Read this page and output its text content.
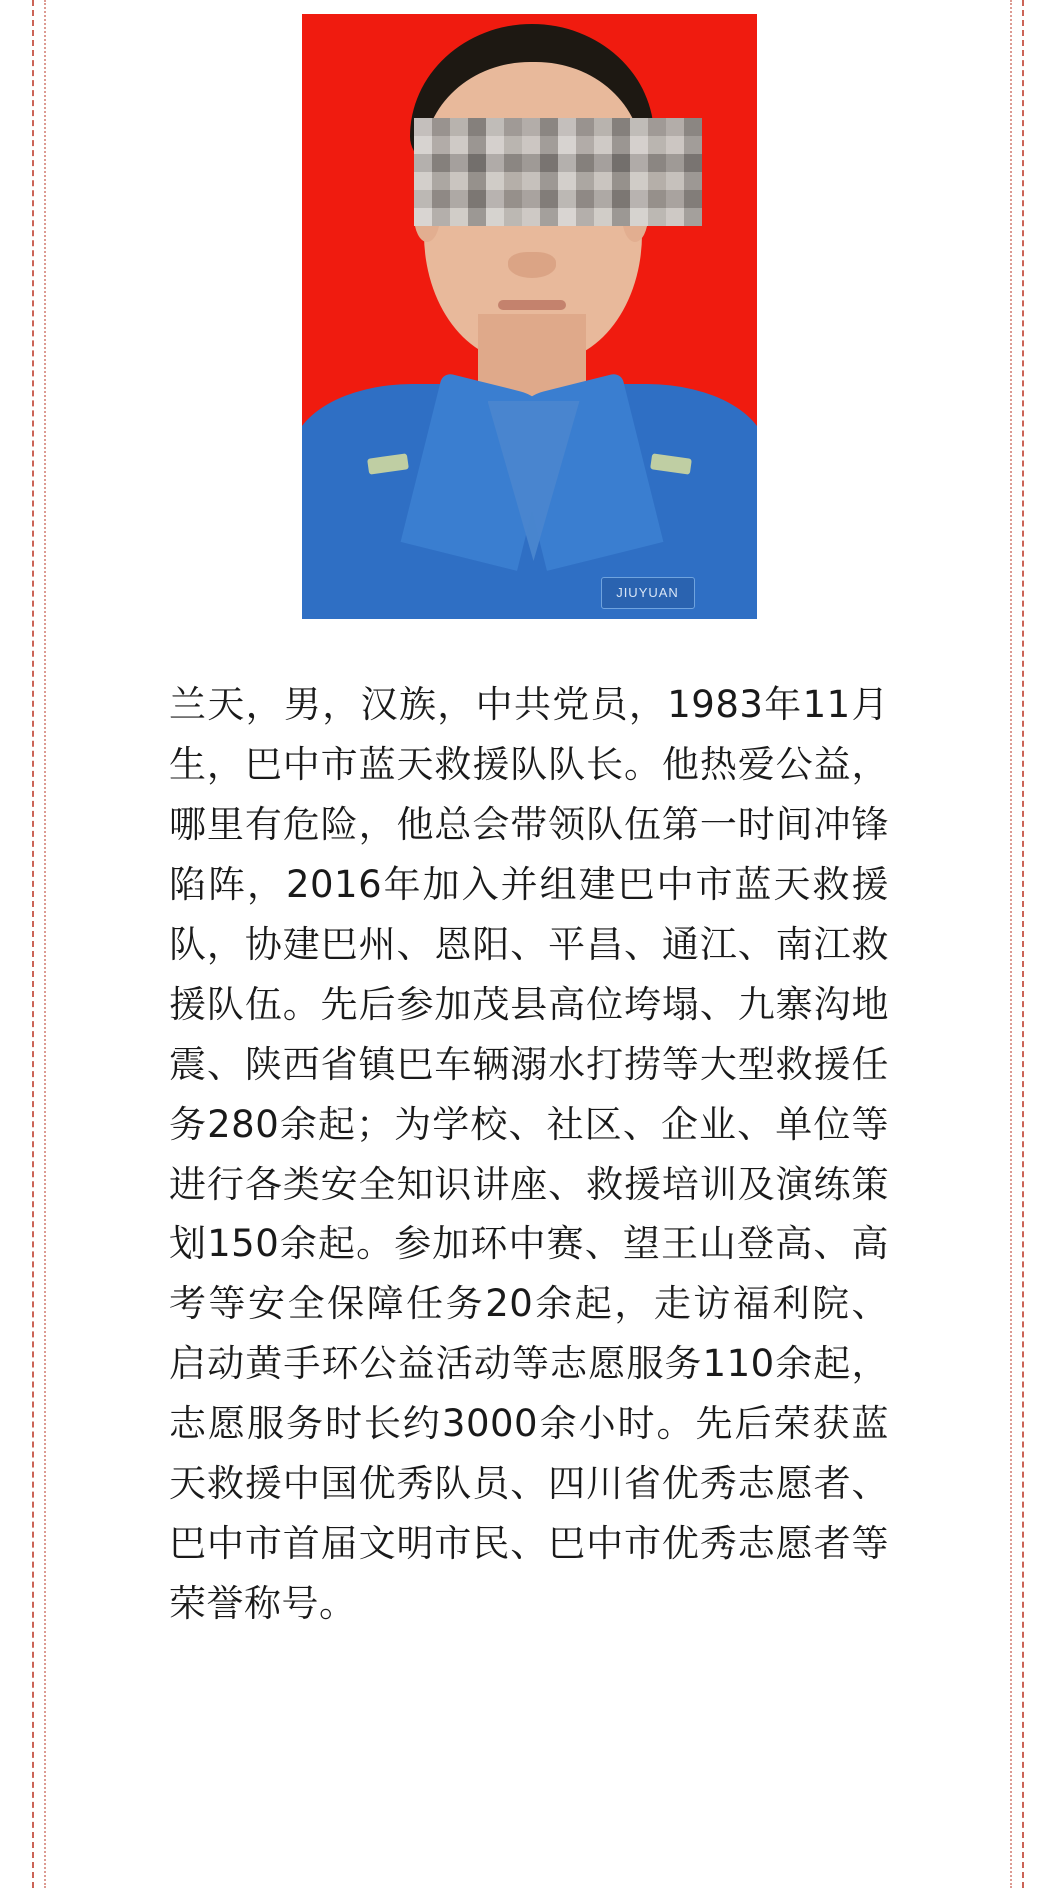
JIUYUAN

兰天，男，汉族，中共党员，1983年11月生，巴中市蓝天救援队队长。他热爱公益，哪里有危险，他总会带领队伍第一时间冲锋陷阵，2016年加入并组建巴中市蓝天救援队，协建巴州、恩阳、平昌、通江、南江救援队伍。先后参加茂县高位垮塌、九寨沟地震、陕西省镇巴车辆溺水打捞等大型救援任务280余起；为学校、社区、企业、单位等进行各类安全知识讲座、救援培训及演练策划150余起。参加环中赛、望王山登高、高考等安全保障任务20余起，走访福利院、启动黄手环公益活动等志愿服务110余起，志愿服务时长约3000余小时。先后荣获蓝天救援中国优秀队员、四川省优秀志愿者、巴中市首届文明市民、巴中市优秀志愿者等荣誉称号。
